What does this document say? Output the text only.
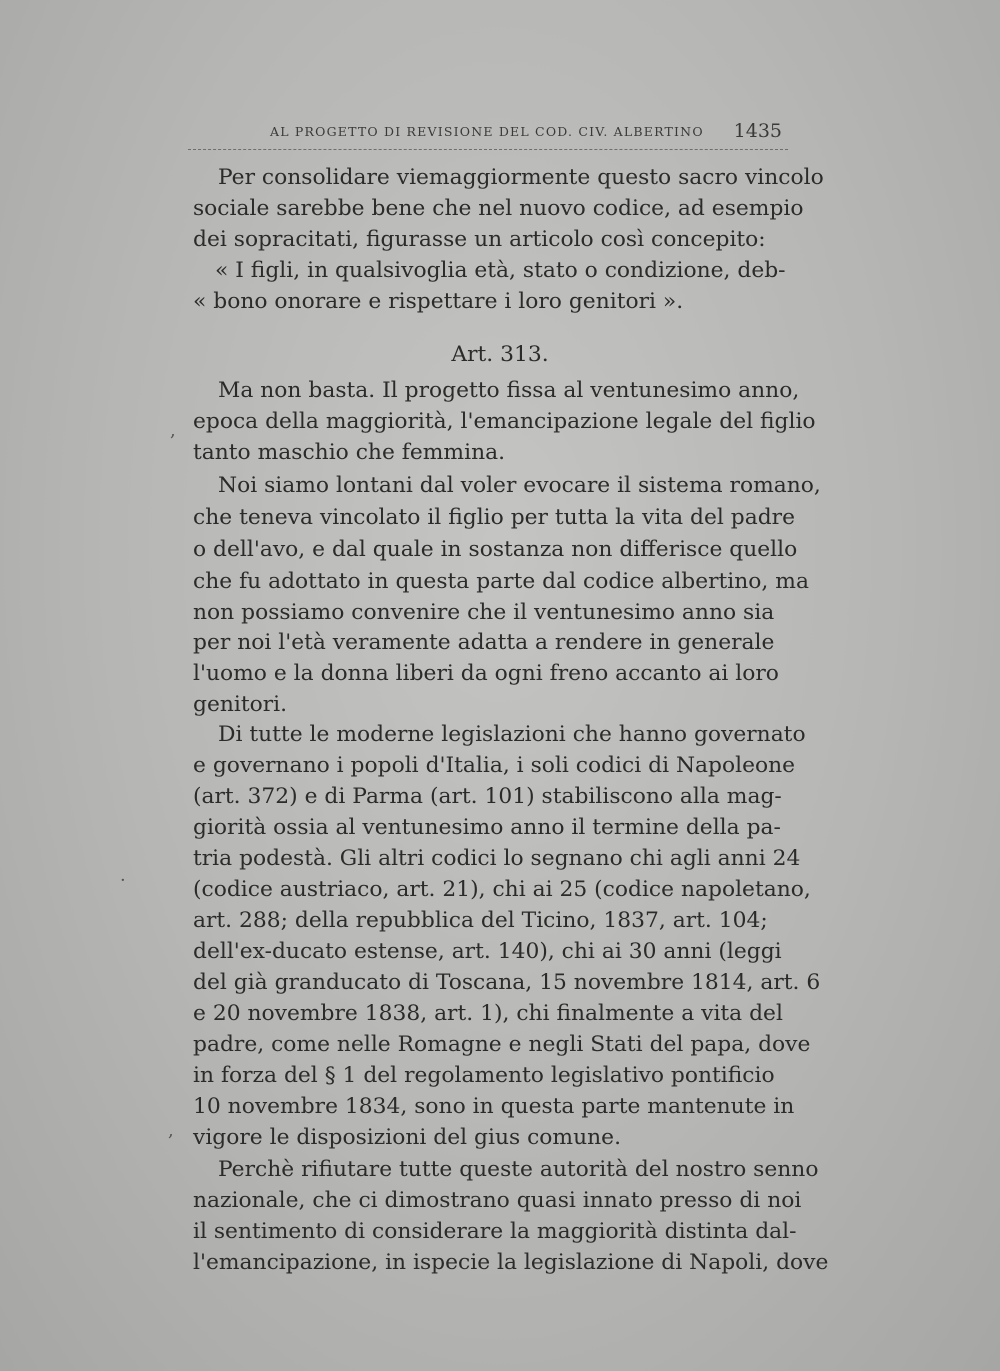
AL PROGETTO DI REVISIONE DEL COD. CIV. ALBERTINO 1435
Per consolidare viemaggiormente questo sacro vincolo
sociale sarebbe bene che nel nuovo codice, ad esempio
dei sopracitati, figurasse un articolo così concepito:
« I figli, in qualsivoglia età, stato o condizione, deb-
« bono onorare e rispettare i loro genitori ».
Art. 313.
Ma non basta. Il progetto fissa al ventunesimo anno,
epoca della maggiorità, l'emancipazione legale del figlio
tanto maschio che femmina.
Noi siamo lontani dal voler evocare il sistema romano,
che teneva vincolato il figlio per tutta la vita del padre
o dell'avo, e dal quale in sostanza non differisce quello
che fu adottato in questa parte dal codice albertino, ma
non possiamo convenire che il ventunesimo anno sia
per noi l'età veramente adatta a rendere in generale
l'uomo e la donna liberi da ogni freno accanto ai loro
genitori.
Di tutte le moderne legislazioni che hanno governato
e governano i popoli d'Italia, i soli codici di Napoleone
(art. 372) e di Parma (art. 101) stabiliscono alla mag-
giorità ossia al ventunesimo anno il termine della pa-
tria podestà. Gli altri codici lo segnano chi agli anni 24
(codice austriaco, art. 21), chi ai 25 (codice napoletano,
art. 288; della repubblica del Ticino, 1837, art. 104;
dell'ex-ducato estense, art. 140), chi ai 30 anni (leggi
del già granducato di Toscana, 15 novembre 1814, art. 6
e 20 novembre 1838, art. 1), chi finalmente a vita del
padre, come nelle Romagne e negli Stati del papa, dove
in forza del § 1 del regolamento legislativo pontificio
10 novembre 1834, sono in questa parte mantenute in
vigore le disposizioni del gius comune.
Perchè rifiutare tutte queste autorità del nostro senno
nazionale, che ci dimostrano quasi innato presso di noi
il sentimento di considerare la maggiorità distinta dal-
l'emancipazione, in ispecie la legislazione di Napoli, dove
,
·
,
